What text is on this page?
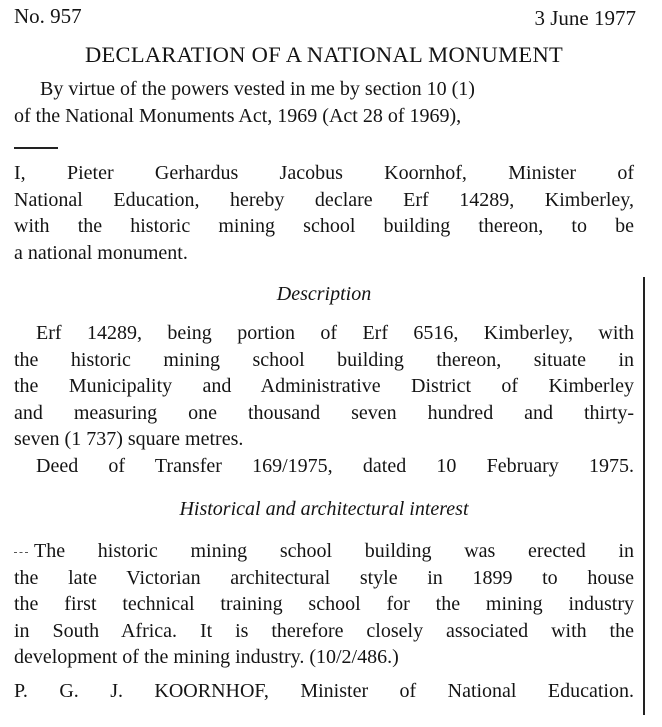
No. 957	3 June 1977
DECLARATION OF A NATIONAL MONUMENT
By virtue of the powers vested in me by section 10 (1)
of the National Monuments Act, 1969 (Act 28 of 1969),
I, Pieter Gerhardus Jacobus Koornhof, Minister of
National Education, hereby declare Erf 14289, Kimberley,
with the historic mining school building thereon, to be
a national monument.
Description
Erf 14289, being portion of Erf 6516, Kimberley, with
the historic mining school building thereon, situate in
the Municipality and Administrative District of Kimberley
and measuring one thousand seven hundred and thirty-
seven (1 737) square metres.
Deed of Transfer 169/1975, dated 10 February 1975.
Historical and architectural interest
The historic mining school building was erected in
the late Victorian architectural style in 1899 to house
the first technical training school for the mining industry
in South Africa. It is therefore closely associated with the
development of the mining industry. (10/2/486.)
P. G. J. KOORNHOF, Minister of National Education.
